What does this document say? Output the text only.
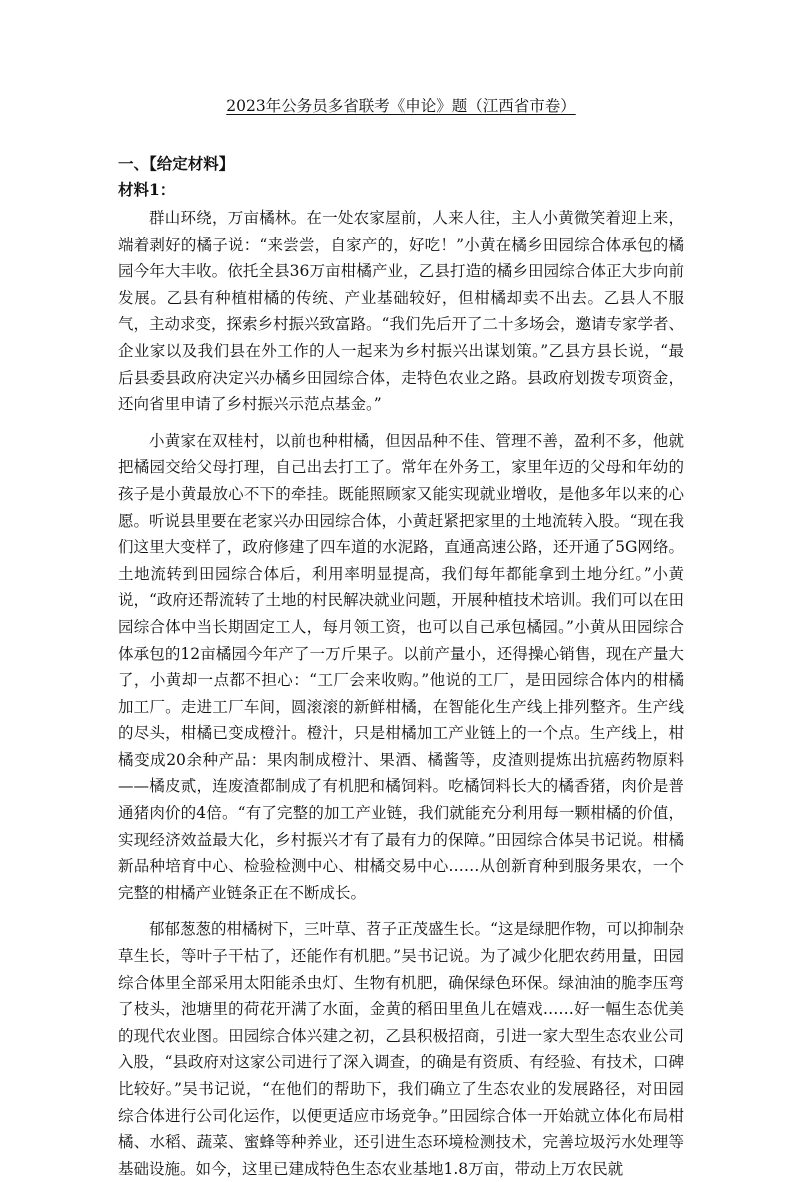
2023年公务员多省联考《申论》题（江西省市卷）
一、【给定材料】
材料1：

群山环绕，万亩橘林。在一处农家屋前，人来人往，主人小黄微笑着迎上来，端着剥好的橘子说：“来尝尝，自家产的，好吃！”小黄在橘乡田园综合体承包的橘园今年大丰收。依托全县36万亩柑橘产业，乙县打造的橘乡田园综合体正大步向前发展。乙县有种植柑橘的传统、产业基础较好，但柑橘却卖不出去。乙县人不服气，主动求变，探索乡村振兴致富路。“我们先后开了二十多场会，邀请专家学者、企业家以及我们县在外工作的人一起来为乡村振兴出谋划策。”乙县方县长说，“最后县委县政府决定兴办橘乡田园综合体，走特色农业之路。县政府划拨专项资金，还向省里申请了乡村振兴示范点基金。”

小黄家在双桂村，以前也种柑橘，但因品种不佳、管理不善，盈利不多，他就把橘园交给父母打理，自己出去打工了。常年在外务工，家里年迈的父母和年幼的孩子是小黄最放心不下的牵挂。既能照顾家又能实现就业增收，是他多年以来的心愿。听说县里要在老家兴办田园综合体，小黄赶紧把家里的土地流转入股。“现在我们这里大变样了，政府修建了四车道的水泥路，直通高速公路，还开通了5G网络。土地流转到田园综合体后，利用率明显提高，我们每年都能拿到土地分红。”小黄说，“政府还帮流转了土地的村民解决就业问题，开展种植技术培训。我们可以在田园综合体中当长期固定工人，每月领工资，也可以自己承包橘园。”小黄从田园综合体承包的12亩橘园今年产了一万斤果子。以前产量小，还得操心销售，现在产量大了，小黄却一点都不担心：“工厂会来收购。”他说的工厂，是田园综合体内的柑橘加工厂。走进工厂车间，圆滚滚的新鲜柑橘，在智能化生产线上排列整齐。生产线的尽头，柑橘已变成橙汁。橙汁，只是柑橘加工产业链上的一个点。生产线上，柑橘变成20余种产品：果肉制成橙汁、果酒、橘酱等，皮渣则提炼出抗癌药物原料——橘皮贰，连废渣都制成了有机肥和橘饲料。吃橘饲料长大的橘香猪，肉价是普通猪肉价的4倍。“有了完整的加工产业链，我们就能充分利用每一颗柑橘的价值，实现经济效益最大化，乡村振兴才有了最有力的保障。”田园综合体吴书记说。柑橘新品种培育中心、检验检测中心、柑橘交易中心……从创新育种到服务果农，一个完整的柑橘产业链条正在不断成长。

郁郁葱葱的柑橘树下，三叶草、苕子正茂盛生长。“这是绿肥作物，可以抑制杂草生长，等叶子干枯了，还能作有机肥。”吴书记说。为了减少化肥农药用量，田园综合体里全部采用太阳能杀虫灯、生物有机肥，确保绿色环保。绿油油的脆李压弯了枝头，池塘里的荷花开满了水面，金黄的稻田里鱼儿在嬉戏……好一幅生态优美的现代农业图。田园综合体兴建之初，乙县积极招商，引进一家大型生态农业公司入股，“县政府对这家公司进行了深入调查，的确是有资质、有经验、有技术，口碑比较好。”吴书记说，“在他们的帮助下，我们确立了生态农业的发展路径，对田园综合体进行公司化运作，以便更适应市场竞争。”田园综合体一开始就立体化布局柑橘、水稻、蔬菜、蜜蜂等种养业，还引进生态环境检测技术，完善垃圾污水处理等基础设施。如今，这里已建成特色生态农业基地1.8万亩，带动上万农民就
